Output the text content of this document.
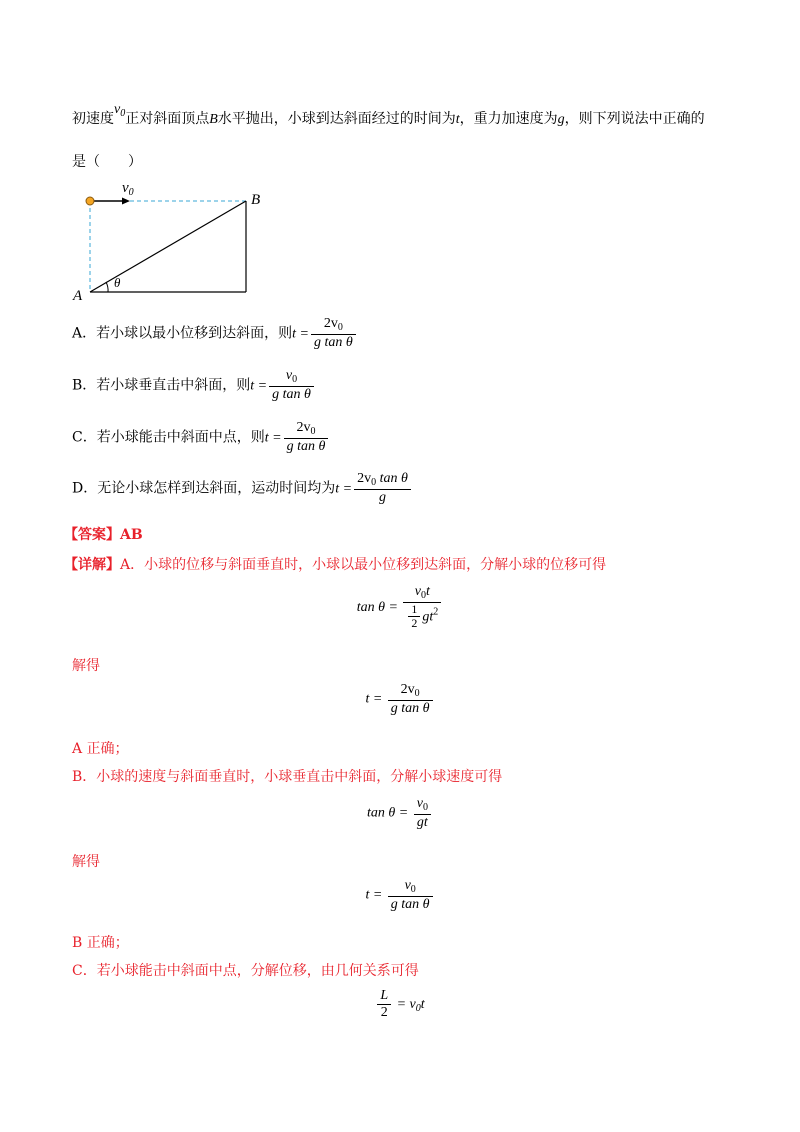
初速度$v_0$正对斜面顶点B水平抛出，小球到达斜面经过的时间为t，重力加速度为g，则下列说法中正确的
是（　　）
$v_0$	B
A
θ
A．若小球以最小位移到达斜面，则$t = \frac{2v_0}{\text{g tan θ}}$
B．若小球垂直击中斜面，则$t = \frac{v_0}{\text{g tan θ}}$
C．若小球能击中斜面中点，则$t = \frac{2v_0}{\text{g tan θ}}$
D．无论小球怎样到达斜面，运动时间均为$t = \frac{2v_0 \tan \theta}{g}$
【答案】AB
【详解】A．小球的位移与斜面垂直时，小球以最小位移到达斜面，分解小球的位移可得
$\tan \theta = \frac{v_0t}{\frac{1}{2} gt^2}$
解得
$t = \frac{2v_0}{\text{g tan θ}}$
A 正确；
B．小球的速度与斜面垂直时，小球垂直击中斜面，分解小球速度可得
$\tan \theta = \frac{v_0}{gt}$
解得
$t = \frac{v_0}{\text{g tan θ}}$
B 正确；
C．若小球能击中斜面中点，分解位移，由几何关系可得
$\frac{L}{2} = v_0t$
